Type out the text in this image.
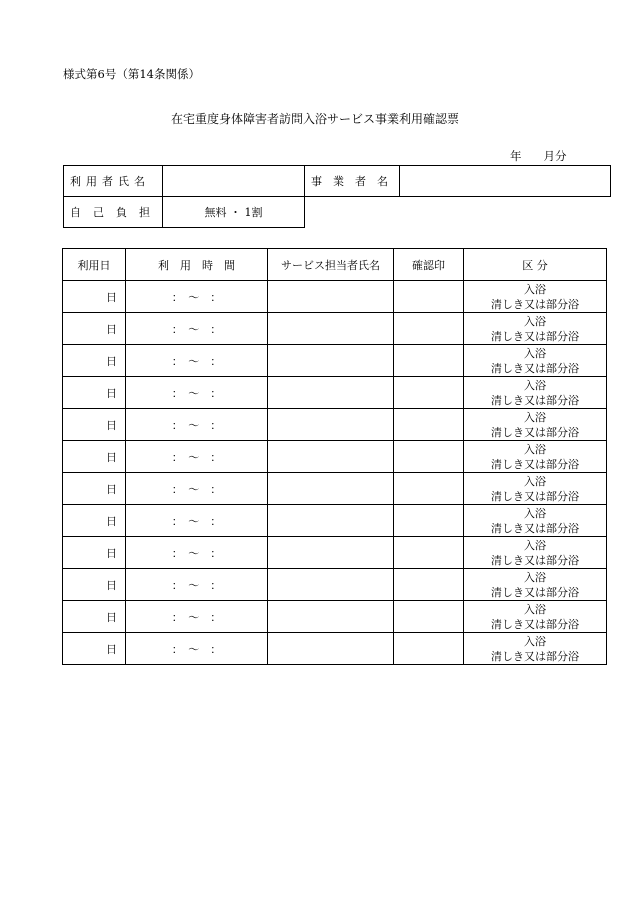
様式第6号（第14条関係）
在宅重度身体障害者訪問入浴サービス事業利用確認票
年 月分
利用者氏名		事業者名	
自己負担	無料 ・ 1割		
利用日	利　用　時　間	サービス担当者氏名	確認印	区 分
日	：　〜　：			入浴
清しき又は部分浴

日	：　〜　：			入浴
清しき又は部分浴

日	：　〜　：			入浴
清しき又は部分浴

日	：　〜　：			入浴
清しき又は部分浴

日	：　〜　：			入浴
清しき又は部分浴

日	：　〜　：			入浴
清しき又は部分浴

日	：　〜　：			入浴
清しき又は部分浴

日	：　〜　：			入浴
清しき又は部分浴

日	：　〜　：			入浴
清しき又は部分浴

日	：　〜　：			入浴
清しき又は部分浴

日	：　〜　：			入浴
清しき又は部分浴

日	：　〜　：			入浴
清しき又は部分浴
